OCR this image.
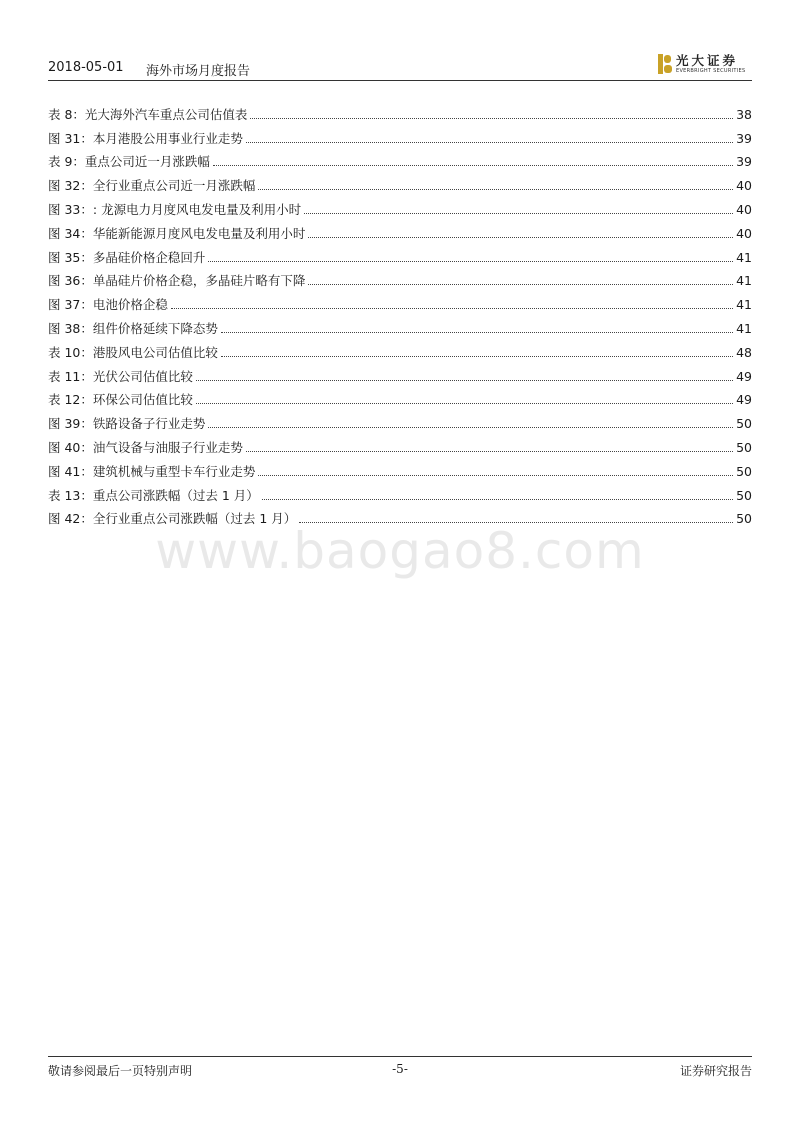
2018-05-01 海外市场月度报告
光大证券
EVERBRIGHT SECURITIES
表 8：光大海外汽车重点公司估值表	38
图 31：本月港股公用事业行业走势	39
表 9：重点公司近一月涨跌幅	39
图 32：全行业重点公司近一月涨跌幅	40
图 33：: 龙源电力月度风电发电量及利用小时	40
图 34：华能新能源月度风电发电量及利用小时	40
图 35：多晶硅价格企稳回升	41
图 36：单晶硅片价格企稳，多晶硅片略有下降	41
图 37：电池价格企稳	41
图 38：组件价格延续下降态势	41
表 10：港股风电公司估值比较	48
表 11：光伏公司估值比较	49
表 12：环保公司估值比较	49
图 39：铁路设备子行业走势	50
图 40：油气设备与油服子行业走势	50
图 41：建筑机械与重型卡车行业走势	50
表 13：重点公司涨跌幅（过去 1 月）	50
图 42：全行业重点公司涨跌幅（过去 1 月）	50
www.baogao8.com
敬请参阅最后一页特别声明	-5-	证券研究报告
